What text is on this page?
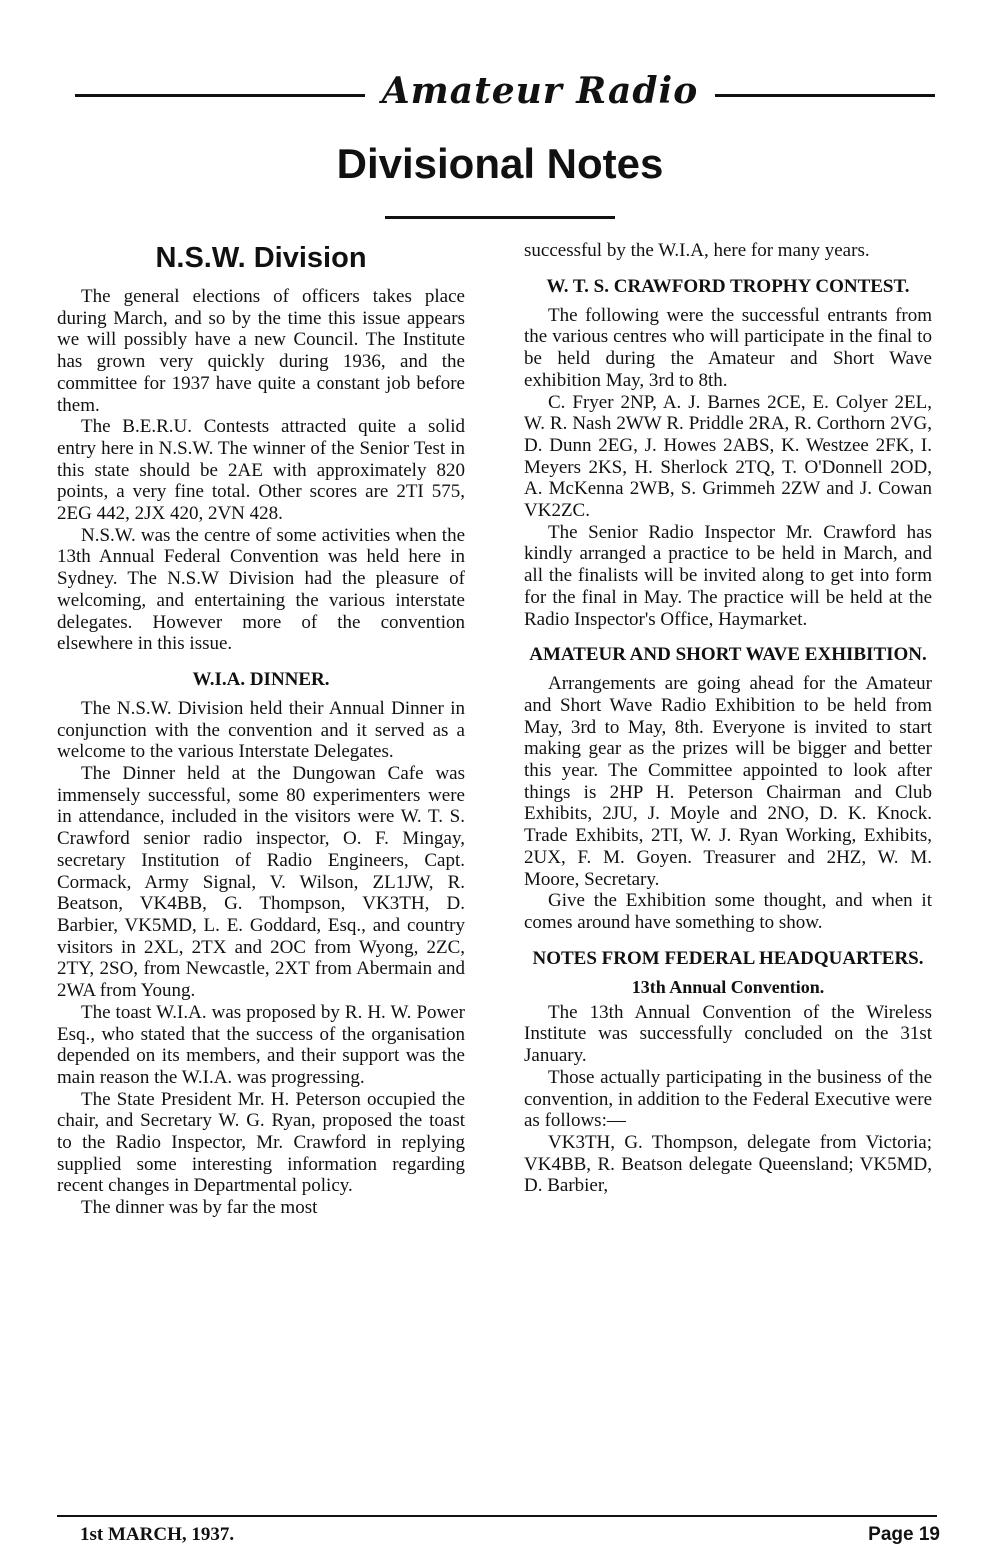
Amateur Radio
Divisional Notes
N.S.W. Division

The general elections of officers takes place during March, and so by the time this issue appears we will possibly have a new Council. The Institute has grown very quickly during 1936, and the committee for 1937 have quite a constant job before them.

The B.E.R.U. Contests attracted quite a solid entry here in N.S.W. The winner of the Senior Test in this state should be 2AE with approximately 820 points, a very fine total. Other scores are 2TI 575, 2EG 442, 2JX 420, 2VN 428.

N.S.W. was the centre of some activities when the 13th Annual Federal Convention was held here in Sydney. The N.S.W Division had the pleasure of welcoming, and entertaining the various interstate delegates. However more of the convention elsewhere in this issue.

W.I.A. DINNER.

The N.S.W. Division held their Annual Dinner in conjunction with the convention and it served as a welcome to the various Interstate Delegates.

The Dinner held at the Dungowan Cafe was immensely successful, some 80 experimenters were in attendance, included in the visitors were W. T. S. Crawford senior radio inspector, O. F. Mingay, secretary Institution of Radio Engineers, Capt. Cormack, Army Signal, V. Wilson, ZL1JW, R. Beatson, VK4BB, G. Thompson, VK3TH, D. Barbier, VK5MD, L. E. Goddard, Esq., and country visitors in 2XL, 2TX and 2OC from Wyong, 2ZC, 2TY, 2SO, from Newcastle, 2XT from Abermain and 2WA from Young.

The toast W.I.A. was proposed by R. H. W. Power Esq., who stated that the success of the organisation depended on its members, and their support was the main reason the W.I.A. was progressing.

The State President Mr. H. Peterson occupied the chair, and Secretary W. G. Ryan, proposed the toast to the Radio Inspector, Mr. Crawford in replying supplied some interesting information regarding recent changes in Departmental policy.

The dinner was by far the most

successful by the W.I.A, here for many years.

W. T. S. CRAWFORD TROPHY CONTEST.

The following were the successful entrants from the various centres who will participate in the final to be held during the Amateur and Short Wave exhibition May, 3rd to 8th.

C. Fryer 2NP, A. J. Barnes 2CE, E. Colyer 2EL, W. R. Nash 2WW R. Priddle 2RA, R. Corthorn 2VG, D. Dunn 2EG, J. Howes 2ABS, K. Westzee 2FK, I. Meyers 2KS, H. Sherlock 2TQ, T. O'Donnell 2OD, A. McKenna 2WB, S. Grimmeh 2ZW and J. Cowan VK2ZC.

The Senior Radio Inspector Mr. Crawford has kindly arranged a practice to be held in March, and all the finalists will be invited along to get into form for the final in May. The practice will be held at the Radio Inspector's Office, Haymarket.

AMATEUR AND SHORT WAVE EXHIBITION.

Arrangements are going ahead for the Amateur and Short Wave Radio Exhibition to be held from May, 3rd to May, 8th. Everyone is invited to start making gear as the prizes will be bigger and better this year. The Committee appointed to look after things is 2HP H. Peterson Chairman and Club Exhibits, 2JU, J. Moyle and 2NO, D. K. Knock. Trade Exhibits, 2TI, W. J. Ryan Working, Exhibits, 2UX, F. M. Goyen. Treasurer and 2HZ, W. M. Moore, Secretary.

Give the Exhibition some thought, and when it comes around have something to show.

NOTES FROM FEDERAL HEADQUARTERS.
13th Annual Convention.

The 13th Annual Convention of the Wireless Institute was successfully concluded on the 31st January.

Those actually participating in the business of the convention, in addition to the Federal Executive were as follows:—

VK3TH, G. Thompson, delegate from Victoria; VK4BB, R. Beatson delegate Queensland; VK5MD, D. Barbier,

1st MARCH, 1937.	Page 19
